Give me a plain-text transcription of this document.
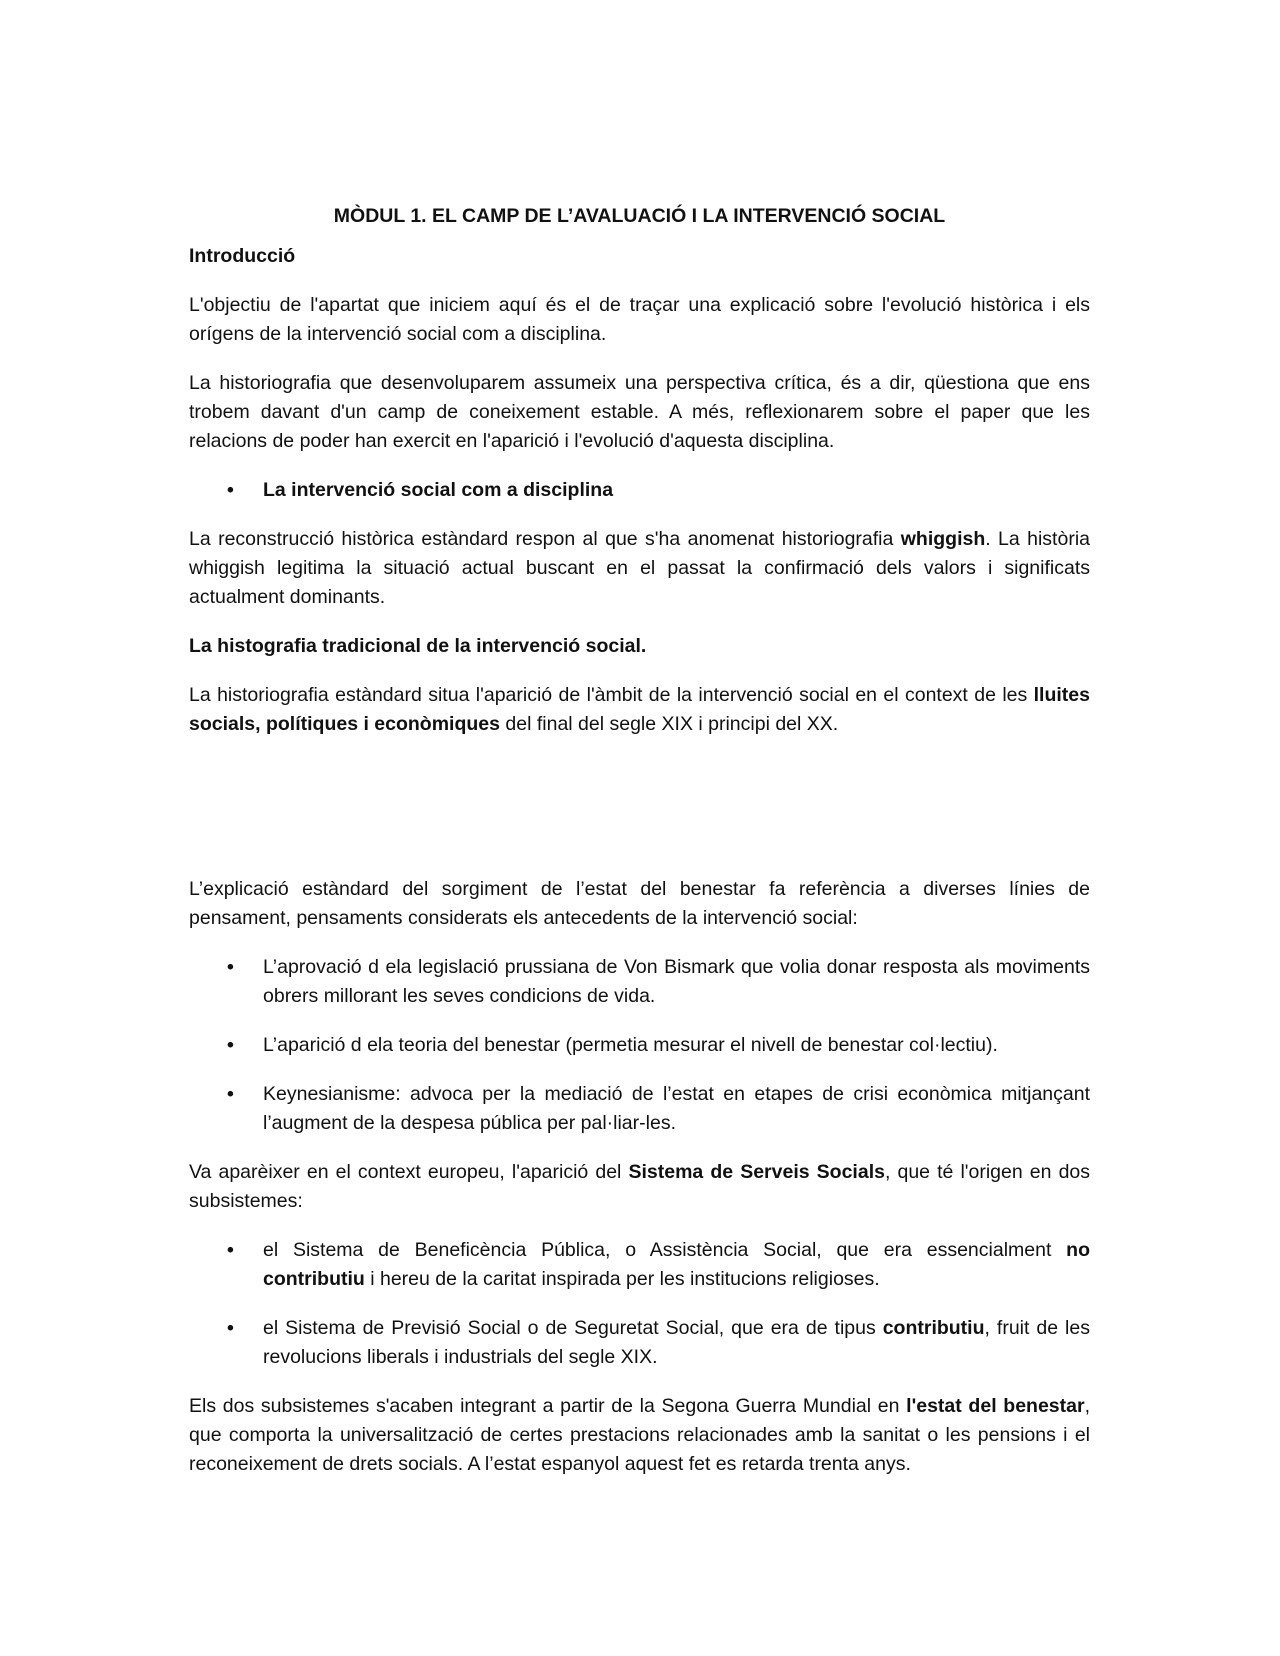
MÒDUL 1. EL CAMP DE L’AVALUACIÓ I LA INTERVENCIÓ SOCIAL
Introducció

L'objectiu de l'apartat que iniciem aquí és el de traçar una explicació sobre l'evolució històrica i els orígens de la intervenció social com a disciplina.

La historiografia que desenvoluparem assumeix una perspectiva crítica, és a dir, qüestiona que ens trobem davant d'un camp de coneixement estable. A més, reflexionarem sobre el paper que les relacions de poder han exercit en l'aparició i l'evolució d'aquesta disciplina.

• La intervenció social com a disciplina

La reconstrucció històrica estàndard respon al que s'ha anomenat historiografia whiggish. La història whiggish legitima la situació actual buscant en el passat la confirmació dels valors i significats actualment dominants.

La histografia tradicional de la intervenció social.

La historiografia estàndard situa l'aparició de l'àmbit de la intervenció social en el context de les lluites socials, polítiques i econòmiques del final del segle XIX i principi del XX.

L’explicació estàndard del sorgiment de l’estat del benestar fa referència a diverses línies de pensament, pensaments considerats els antecedents de la intervenció social:

• L’aprovació d ela legislació prussiana de Von Bismark que volia donar resposta als moviments obrers millorant les seves condicions de vida.
• L’aparició d ela teoria del benestar (permetia mesurar el nivell de benestar col·lectiu).
• Keynesianisme: advoca per la mediació de l’estat en etapes de crisi econòmica mitjançant l’augment de la despesa pública per pal·liar-les.

Va aparèixer en el context europeu, l'aparició del Sistema de Serveis Socials, que té l'origen en dos subsistemes:

• el Sistema de Beneficència Pública, o Assistència Social, que era essencialment no contributiu i hereu de la caritat inspirada per les institucions religioses.
• el Sistema de Previsió Social o de Seguretat Social, que era de tipus contributiu, fruit de les revolucions liberals i industrials del segle XIX.

Els dos subsistemes s'acaben integrant a partir de la Segona Guerra Mundial en l'estat del benestar, que comporta la universalització de certes prestacions relacionades amb la sanitat o les pensions i el reconeixement de drets socials. A l’estat espanyol aquest fet es retarda trenta anys.
